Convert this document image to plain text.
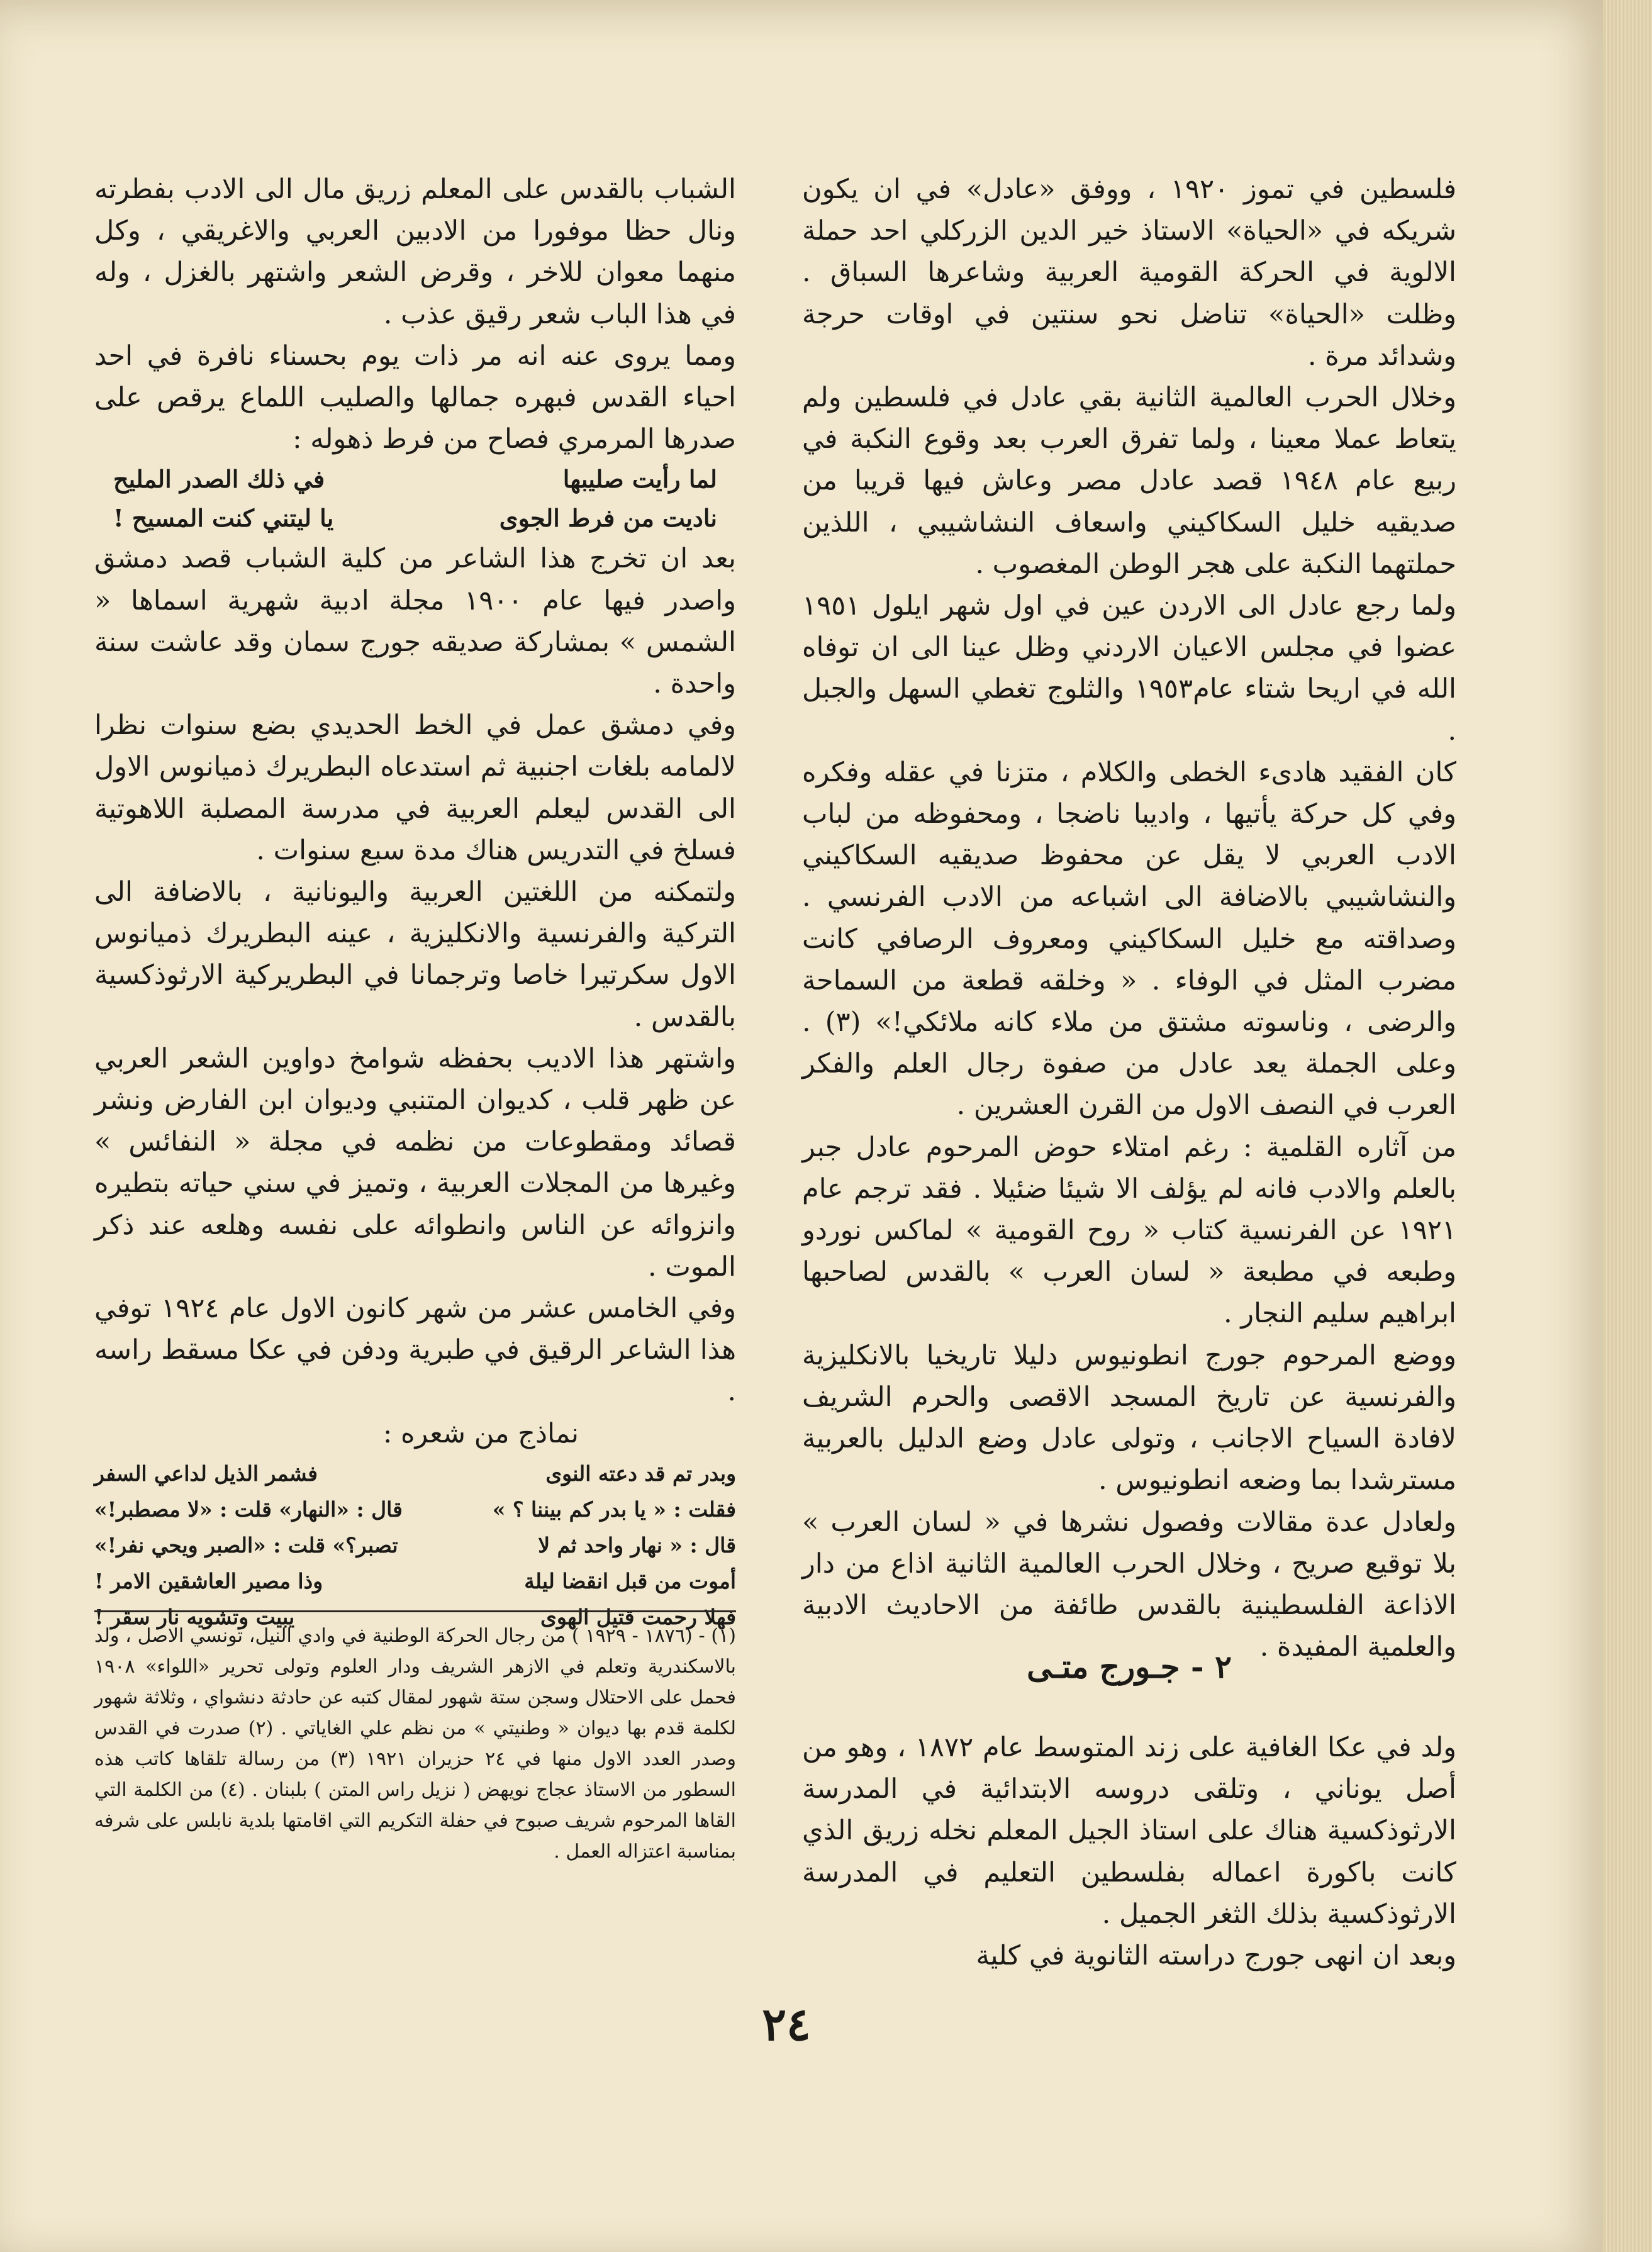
فلسطين في تموز ١٩٢٠ ، ووفق «عادل» في ان يكون شريكه في «الحياة» الاستاذ خير الدين الزركلي احد حملة الالوية في الحركة القومية العربية وشاعرها السباق . وظلت «الحياة» تناضل نحو سنتين في اوقات حرجة وشدائد مرة .

وخلال الحرب العالمية الثانية بقي عادل في فلسطين ولم يتعاط عملا معينا ، ولما تفرق العرب بعد وقوع النكبة في ربيع عام ١٩٤٨ قصد عادل مصر وعاش فيها قريبا من صديقيه خليل السكاكيني واسعاف النشاشيبي ، اللذين حملتهما النكبة على هجر الوطن المغصوب .

ولما رجع عادل الى الاردن عين في اول شهر ايلول ١٩٥١ عضوا في مجلس الاعيان الاردني وظل عينا الى ان توفاه الله في اريحا شتاء عام١٩٥٣ والثلوج تغطي السهل والجبل .

كان الفقيد هادىء الخطى والكلام ، متزنا في عقله وفكره وفي كل حركة يأتيها ، واديبا ناضجا ، ومحفوظه من لباب الادب العربي لا يقل عن محفوظ صديقيه السكاكيني والنشاشيبي بالاضافة الى اشباعه من الادب الفرنسي . وصداقته مع خليل السكاكيني ومعروف الرصافي كانت مضرب المثل في الوفاء . « وخلقه قطعة من السماحة والرضى ، وناسوته مشتق من ملاء كانه ملائكي!» (٣) . وعلى الجملة يعد عادل من صفوة رجال العلم والفكر العرب في النصف الاول من القرن العشرين .

من آثاره القلمية : رغم امتلاء حوض المرحوم عادل جبر بالعلم والادب فانه لم يؤلف الا شيئا ضئيلا . فقد ترجم عام ١٩٢١ عن الفرنسية كتاب « روح القومية » لماكس نوردو وطبعه في مطبعة « لسان العرب » بالقدس لصاحبها ابراهيم سليم النجار .

ووضع المرحوم جورج انطونيوس دليلا تاريخيا بالانكليزية والفرنسية عن تاريخ المسجد الاقصى والحرم الشريف لافادة السياح الاجانب ، وتولى عادل وضع الدليل بالعربية مسترشدا بما وضعه انطونيوس .

ولعادل عدة مقالات وفصول نشرها في « لسان العرب » بلا توقيع صريح ، وخلال الحرب العالمية الثانية اذاع من دار الاذاعة الفلسطينية بالقدس طائفة من الاحاديث الادبية والعلمية المفيدة .

٢ - جـورج متـى

ولد في عكا الغافية على زند المتوسط عام ١٨٧٢ ، وهو من أصل يوناني ، وتلقى دروسه الابتدائية في المدرسة الارثوذكسية هناك على استاذ الجيل المعلم نخله زريق الذي كانت باكورة اعماله بفلسطين التعليم في المدرسة الارثوذكسية بذلك الثغر الجميل .

وبعد ان انهى جورج دراسته الثانوية في كلية

الشباب بالقدس على المعلم زريق مال الى الادب بفطرته ونال حظا موفورا من الادبين العربي والاغريقي ، وكل منهما معوان للاخر ، وقرض الشعر واشتهر بالغزل ، وله في هذا الباب شعر رقيق عذب .

ومما يروى عنه انه مر ذات يوم بحسناء نافرة في احد احياء القدس فبهره جمالها والصليب اللماع يرقص على صدرها المرمري فصاح من فرط ذهوله :

لما رأيت صليبها
في ذلك الصدر المليح
ناديت من فرط الجوى
يا ليتني كنت المسيح !

بعد ان تخرج هذا الشاعر من كلية الشباب قصد دمشق واصدر فيها عام ١٩٠٠ مجلة ادبية شهرية اسماها « الشمس » بمشاركة صديقه جورج سمان وقد عاشت سنة واحدة .

وفي دمشق عمل في الخط الحديدي بضع سنوات نظرا لالمامه بلغات اجنبية ثم استدعاه البطريرك ذميانوس الاول الى القدس ليعلم العربية في مدرسة المصلبة اللاهوتية فسلخ في التدريس هناك مدة سبع سنوات .

ولتمكنه من اللغتين العربية واليونانية ، بالاضافة الى التركية والفرنسية والانكليزية ، عينه البطريرك ذميانوس الاول سكرتيرا خاصا وترجمانا في البطريركية الارثوذكسية بالقدس .

واشتهر هذا الاديب بحفظه شوامخ دواوين الشعر العربي عن ظهر قلب ، كديوان المتنبي وديوان ابن الفارض ونشر قصائد ومقطوعات من نظمه في مجلة « النفائس » وغيرها من المجلات العربية ، وتميز في سني حياته بتطيره وانزوائه عن الناس وانطوائه على نفسه وهلعه عند ذكر الموت .

وفي الخامس عشر من شهر كانون الاول عام ١٩٢٤ توفي هذا الشاعر الرقيق في طبرية ودفن في عكا مسقط راسه .

نماذج من شعره :
وبدر تم قد دعته النوى
فشمر الذيل لداعي السفر
فقلت : « يا بدر كم بيننا ؟ »
قال : «النهار» قلت : «لا مصطبر!»
قال : « نهار واحد ثم لا
تصبر؟» قلت : «الصبر ويحي نفر!»
أموت من قبل انقضا ليلة
وذا مصير العاشقين الامر !
فهلا رحمت قتيل الهوى
يبيت وتشويه نار سقر !
(١) - (١٨٧٦ - ١٩٢٩ ) من رجال الحركة الوطنية في وادي النيل، تونسي الاصل ، ولد بالاسكندرية وتعلم في الازهر الشريف ودار العلوم وتولى تحرير «اللواء» ١٩٠٨ فحمل على الاحتلال وسجن ستة شهور لمقال كتبه عن حادثة دنشواي ، وثلاثة شهور لكلمة قدم بها ديوان « وطنيتي » من نظم علي الغاياتي . (٢) صدرت في القدس وصدر العدد الاول منها في ٢٤ حزيران ١٩٢١ (٣) من رسالة تلقاها كاتب هذه السطور من الاستاذ عجاج نويهض ( نزيل راس المتن ) بلبنان . (٤) من الكلمة التي القاها المرحوم شريف صبوح في حفلة التكريم التي اقامتها بلدية نابلس على شرفه بمناسبة اعتزاله العمل .
٢٤
